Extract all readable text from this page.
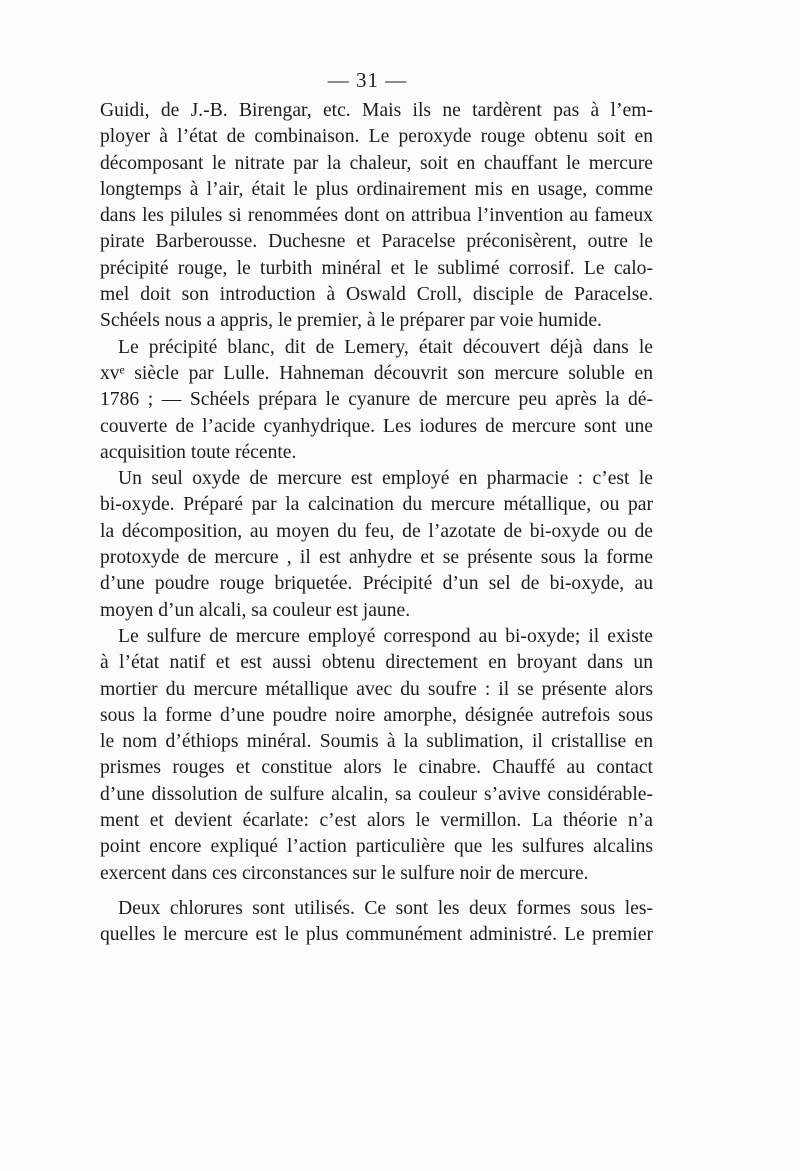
— 31 —
Guidi, de J.-B. Birengar, etc. Mais ils ne tardèrent pas à l’em-
ployer à l’état de combinaison. Le peroxyde rouge obtenu soit en
décomposant le nitrate par la chaleur, soit en chauffant le mercure
longtemps à l’air, était le plus ordinairement mis en usage, comme
dans les pilules si renommées dont on attribua l’invention au fameux
pirate Barberousse. Duchesne et Paracelse préconisèrent, outre le
précipité rouge, le turbith minéral et le sublimé corrosif. Le calo-
mel doit son introduction à Oswald Croll, disciple de Paracelse.
Schéels nous a appris, le premier, à le préparer par voie humide.
Le précipité blanc, dit de Lemery, était découvert déjà dans le
xvᵉ siècle par Lulle. Hahneman découvrit son mercure soluble en
1786 ; — Schéels prépara le cyanure de mercure peu après la dé-
couverte de l’acide cyanhydrique. Les iodures de mercure sont une
acquisition toute récente.
Un seul oxyde de mercure est employé en pharmacie : c’est le
bi-oxyde. Préparé par la calcination du mercure métallique, ou par
la décomposition, au moyen du feu, de l’azotate de bi-oxyde ou de
protoxyde de mercure , il est anhydre et se présente sous la forme
d’une poudre rouge briquetée. Précipité d’un sel de bi-oxyde, au
moyen d’un alcali, sa couleur est jaune.
Le sulfure de mercure employé correspond au bi-oxyde; il existe
à l’état natif et est aussi obtenu directement en broyant dans un
mortier du mercure métallique avec du soufre : il se présente alors
sous la forme d’une poudre noire amorphe, désignée autrefois sous
le nom d’éthiops minéral. Soumis à la sublimation, il cristallise en
prismes rouges et constitue alors le cinabre. Chauffé au contact
d’une dissolution de sulfure alcalin, sa couleur s’avive considérable-
ment et devient écarlate: c’est alors le vermillon. La théorie n’a
point encore expliqué l’action particulière que les sulfures alcalins
exercent dans ces circonstances sur le sulfure noir de mercure.
Deux chlorures sont utilisés. Ce sont les deux formes sous les-
quelles le mercure est le plus communément administré. Le premier
